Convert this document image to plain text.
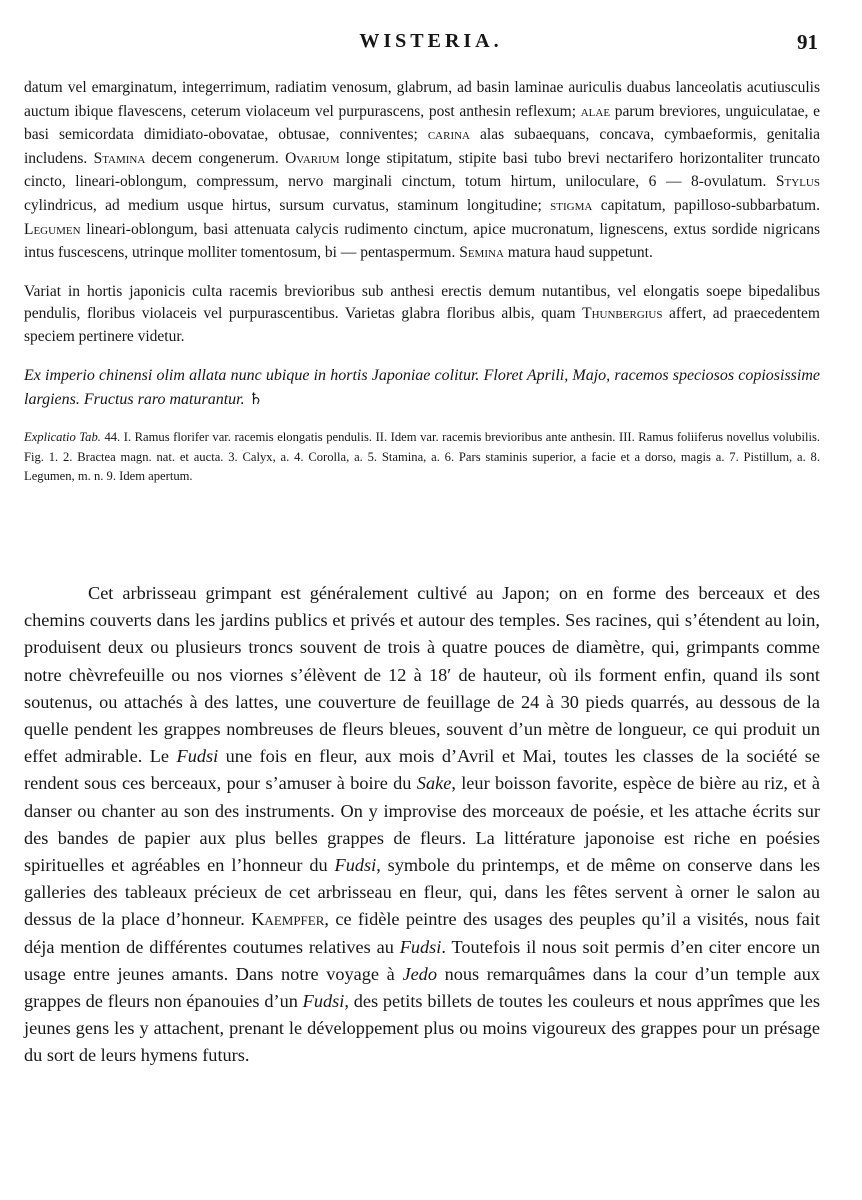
WISTERIA.	91

datum vel emarginatum, integerrimum, radiatim venosum, glabrum, ad basin laminae auriculis duabus lanceolatis acutiusculis auctum ibique flavescens, ceterum violaceum vel purpurascens, post anthesin reflexum; alae parum breviores, unguiculatae, e basi semicordata dimidiato-obovatae, obtusae, conniventes; carina alas subaequans, concava, cymbaeformis, genitalia includens. Stamina decem congenerum. Ovarium longe stipitatum, stipite basi tubo brevi nectarifero horizontaliter truncato cincto, lineari-oblongum, compressum, nervo marginali cinctum, totum hirtum, uniloculare, 6 — 8-ovulatum. Stylus cylindricus, ad medium usque hirtus, sursum curvatus, staminum longitudine; stigma capitatum, papilloso-subbarbatum. Legumen lineari-oblongum, basi attenuata calycis rudimento cinctum, apice mucronatum, lignescens, extus sordide nigricans intus fuscescens, utrinque molliter tomentosum, bi — pentaspermum. Semina matura haud suppetunt.

Variat in hortis japonicis culta racemis brevioribus sub anthesi erectis demum nutantibus, vel elongatis soepe bipedalibus pendulis, floribus violaceis vel purpurascentibus. Varietas glabra floribus albis, quam Thunbergius affert, ad praecedentem speciem pertinere videtur.

Ex imperio chinensi olim allata nunc ubique in hortis Japoniae colitur. Floret Aprili, Majo, racemos speciosos copiosissime largiens. Fructus raro maturantur. ♄

Explicatio Tab. 44. I. Ramus florifer var. racemis elongatis pendulis. II. Idem var. racemis brevioribus ante anthesin. III. Ramus foliiferus novellus volubilis. Fig. 1. 2. Bractea magn. nat. et aucta. 3. Calyx, a. 4. Corolla, a. 5. Stamina, a. 6. Pars staminis superior, a facie et a dorso, magis a. 7. Pistillum, a. 8. Legumen, m. n. 9. Idem apertum.

Cet arbrisseau grimpant est généralement cultivé au Japon; on en forme des berceaux et des chemins couverts dans les jardins publics et privés et autour des temples. Ses racines, qui s’étendent au loin, produisent deux ou plusieurs troncs souvent de trois à quatre pouces de diamètre, qui, grimpants comme notre chèvrefeuille ou nos viornes s’élèvent de 12 à 18′ de hauteur, où ils forment enfin, quand ils sont soutenus, ou attachés à des lattes, une couverture de feuillage de 24 à 30 pieds quarrés, au dessous de la quelle pendent les grappes nombreuses de fleurs bleues, souvent d’un mètre de longueur, ce qui produit un effet admirable. Le Fudsi une fois en fleur, aux mois d’Avril et Mai, toutes les classes de la société se rendent sous ces berceaux, pour s’amuser à boire du Sake, leur boisson favorite, espèce de bière au riz, et à danser ou chanter au son des instruments. On y improvise des morceaux de poésie, et les attache écrits sur des bandes de papier aux plus belles grappes de fleurs. La littérature japonoise est riche en poésies spirituelles et agréables en l’honneur du Fudsi, symbole du printemps, et de même on conserve dans les galleries des tableaux précieux de cet arbrisseau en fleur, qui, dans les fêtes servent à orner le salon au dessus de la place d’honneur. Kaempfer, ce fidèle peintre des usages des peuples qu’il a visités, nous fait déja mention de différentes coutumes relatives au Fudsi. Toutefois il nous soit permis d’en citer encore un usage entre jeunes amants. Dans notre voyage à Jedo nous remarquâmes dans la cour d’un temple aux grappes de fleurs non épanouies d’un Fudsi, des petits billets de toutes les couleurs et nous apprîmes que les jeunes gens les y attachent, prenant le développement plus ou moins vigoureux des grappes pour un présage du sort de leurs hymens futurs.
